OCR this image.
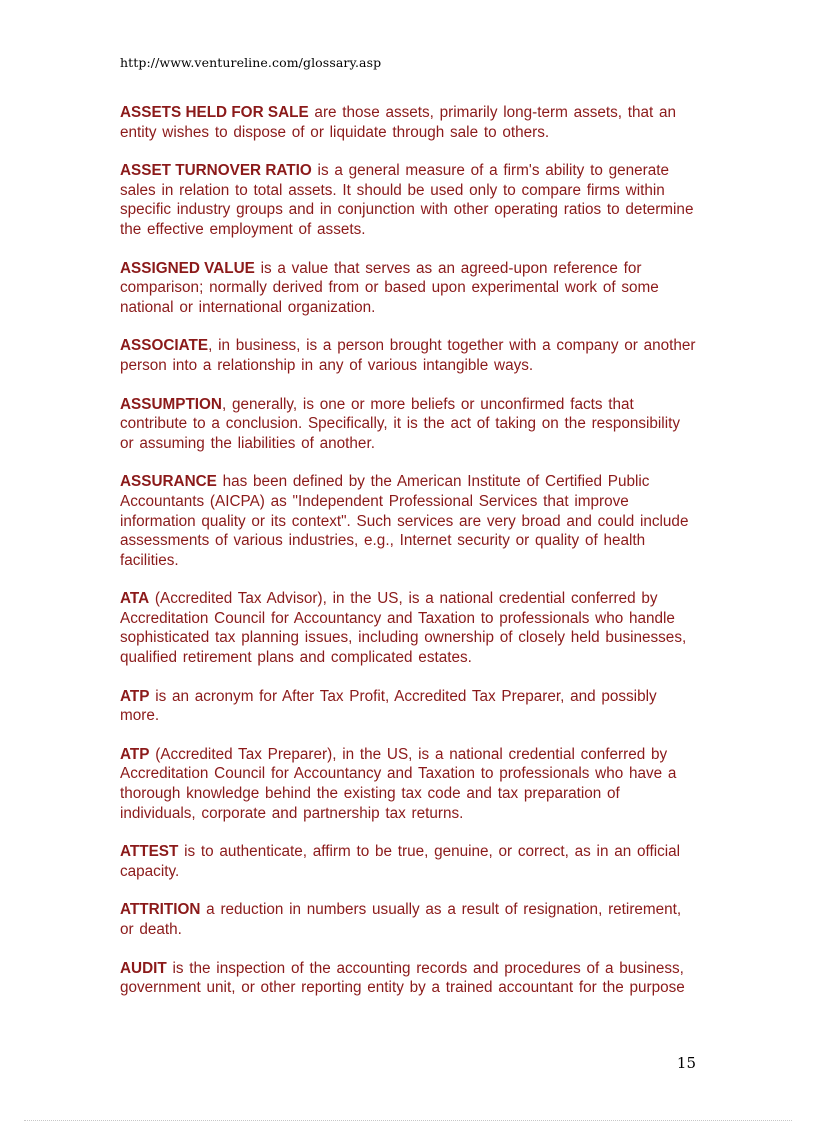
http://www.ventureline.com/glossary.asp

ASSETS HELD FOR SALE are those assets, primarily long-term assets, that an entity wishes to dispose of or liquidate through sale to others.

ASSET TURNOVER RATIO is a general measure of a firm's ability to generate sales in relation to total assets. It should be used only to compare firms within specific industry groups and in conjunction with other operating ratios to determine the effective employment of assets.

ASSIGNED VALUE is a value that serves as an agreed-upon reference for comparison; normally derived from or based upon experimental work of some national or international organization.

ASSOCIATE, in business, is a person brought together with a company or another person into a relationship in any of various intangible ways.

ASSUMPTION, generally, is one or more beliefs or unconfirmed facts that contribute to a conclusion. Specifically, it is the act of taking on the responsibility or assuming the liabilities of another.

ASSURANCE has been defined by the American Institute of Certified Public Accountants (AICPA) as "Independent Professional Services that improve information quality or its context". Such services are very broad and could include assessments of various industries, e.g., Internet security or quality of health facilities.

ATA (Accredited Tax Advisor), in the US, is a national credential conferred by Accreditation Council for Accountancy and Taxation to professionals who handle sophisticated tax planning issues, including ownership of closely held businesses, qualified retirement plans and complicated estates.

ATP is an acronym for After Tax Profit, Accredited Tax Preparer, and possibly more.

ATP (Accredited Tax Preparer), in the US, is a national credential conferred by Accreditation Council for Accountancy and Taxation to professionals who have a thorough knowledge behind the existing tax code and tax preparation of individuals, corporate and partnership tax returns.

ATTEST is to authenticate, affirm to be true, genuine, or correct, as in an official capacity.

ATTRITION a reduction in numbers usually as a result of resignation, retirement, or death.

AUDIT is the inspection of the accounting records and procedures of a business, government unit, or other reporting entity by a trained accountant for the purpose

15
